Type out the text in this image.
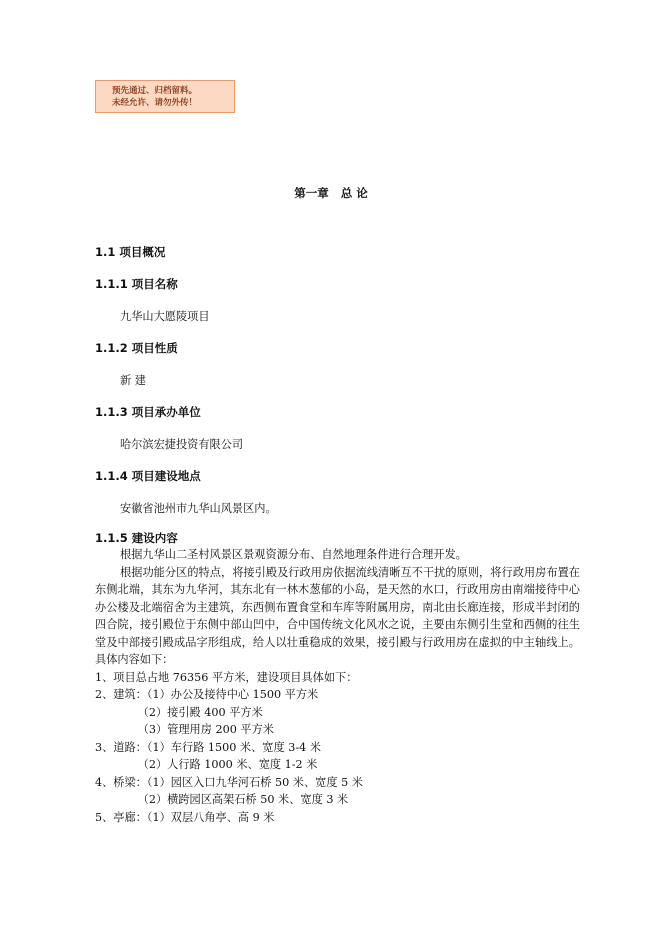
预先通过、归档留料。
未经允许、请勿外传！
第一章   总 论
1.1 项目概况
1.1.1 项目名称
九华山大愿陵项目
1.1.2 项目性质
新 建
1.1.3 项目承办单位
哈尔滨宏捷投资有限公司
1.1.4 项目建设地点
安徽省池州市九华山风景区内。
1.1.5 建设内容
根据九华山二圣村风景区景观资源分布、自然地理条件进行合理开发。
根据功能分区的特点，将接引殿及行政用房依据流线清晰互不干扰的原则，将行政用房布置在东侧北端，其东为九华河，其东北有一林木葱郁的小岛，是天然的水口，行政用房由南端接待中心办公楼及北端宿舍为主建筑，东西侧布置食堂和车库等附属用房，南北由长廊连接，形成半封闭的四合院，接引殿位于东侧中部山凹中，合中国传统文化风水之说，主要由东侧引生堂和西侧的往生堂及中部接引殿成品字形组成，给人以壮重稳成的效果，接引殿与行政用房在虚拟的中主轴线上。具体内容如下：
1、项目总占地 76356 平方米，建设项目具体如下：
2、建筑：（1）办公及接待中心 1500 平方米
（2）接引殿 400 平方米
（3）管理用房 200 平方米
3、道路：（1）车行路 1500 米、宽度 3-4 米
（2）人行路 1000 米、宽度 1-2 米
4、桥梁：（1）园区入口九华河石桥 50 米、宽度 5 米
（2）横跨园区高架石桥 50 米、宽度 3 米
5、亭廊：（1）双层八角亭、高 9 米
